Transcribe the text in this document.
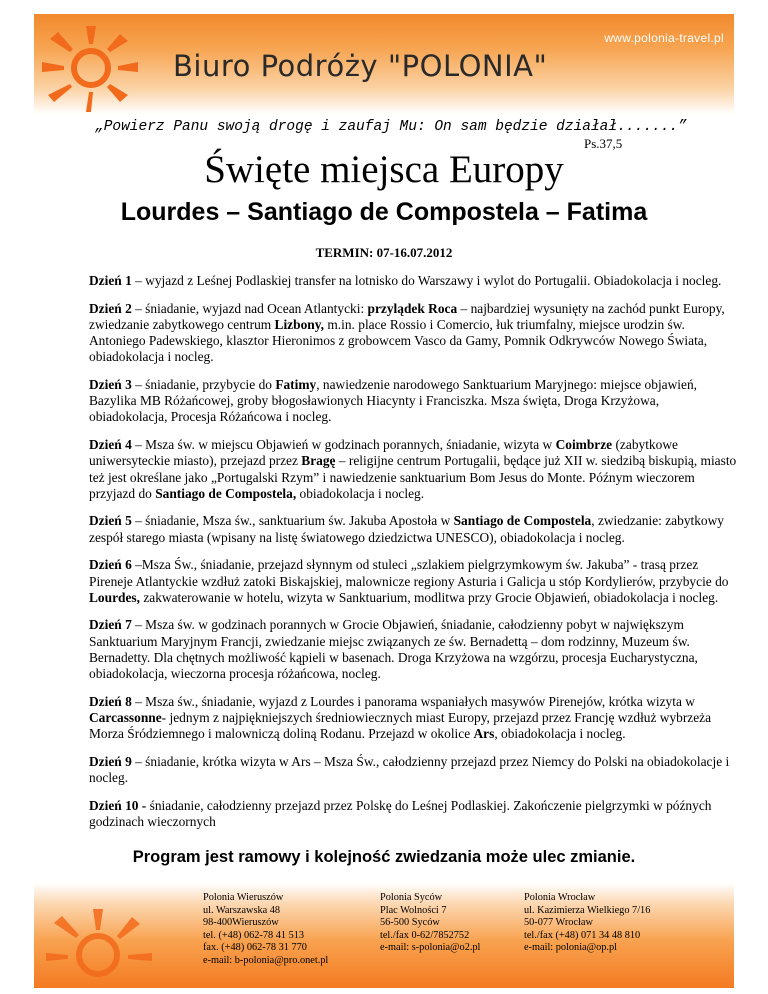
www.polonia-travel.pl
Biuro Podróży "POLONIA"
„Powierz Panu swoją drogę i zaufaj Mu: On sam będzie działał.......”
Ps.37,5
Święte miejsca Europy
Lourdes – Santiago de Compostela – Fatima
TERMIN: 07-16.07.2012
Dzień 1 – wyjazd z Leśnej Podlaskiej transfer na lotnisko do Warszawy i wylot do Portugalii. Obiadokolacja i nocleg.
Dzień 2 – śniadanie, wyjazd nad Ocean Atlantycki: przylądek Roca – najbardziej wysunięty na zachód punkt Europy, zwiedzanie zabytkowego centrum Lizbony, m.in. place Rossio i Comercio, łuk triumfalny, miejsce urodzin św. Antoniego Padewskiego, klasztor Hieronimos z grobowcem Vasco da Gamy, Pomnik Odkrywców Nowego Świata, obiadokolacja i nocleg.
Dzień 3 – śniadanie, przybycie do Fatimy, nawiedzenie narodowego Sanktuarium Maryjnego: miejsce objawień, Bazylika MB Różańcowej, groby błogosławionych Hiacynty i Franciszka. Msza święta, Droga Krzyżowa, obiadokolacja, Procesja Różańcowa i nocleg.
Dzień 4 – Msza św. w miejscu Objawień w godzinach porannych, śniadanie, wizyta w Coimbrze (zabytkowe uniwersyteckie miasto), przejazd przez Bragę – religijne centrum Portugalii, będące już XII w. siedzibą biskupią, miasto też jest określane jako „Portugalski Rzym” i nawiedzenie sanktuarium Bom Jesus do Monte. Późnym wieczorem przyjazd do Santiago de Compostela, obiadokolacja i nocleg.
Dzień 5 – śniadanie, Msza św., sanktuarium św. Jakuba Apostoła w Santiago de Compostela, zwiedzanie: zabytkowy zespół starego miasta (wpisany na listę światowego dziedzictwa UNESCO), obiadokolacja i nocleg.
Dzień 6 –Msza Św., śniadanie, przejazd słynnym od stuleci „szlakiem pielgrzymkowym św. Jakuba” - trasą przez Pireneje Atlantyckie wzdłuż zatoki Biskajskiej, malownicze regiony Asturia i Galicja u stóp Kordylierów, przybycie do Lourdes, zakwaterowanie w hotelu, wizyta w Sanktuarium, modlitwa przy Grocie Objawień, obiadokolacja i nocleg.
Dzień 7 – Msza św. w godzinach porannych w Grocie Objawień, śniadanie, całodzienny pobyt w największym Sanktuarium Maryjnym Francji, zwiedzanie miejsc związanych ze św. Bernadettą – dom rodzinny, Muzeum św. Bernadetty. Dla chętnych możliwość kąpieli w basenach. Droga Krzyżowa na wzgórzu, procesja Eucharystyczna, obiadokolacja, wieczorna procesja różańcowa, nocleg.
Dzień 8 – Msza św., śniadanie, wyjazd z Lourdes i panorama wspaniałych masywów Pirenejów, krótka wizyta w Carcassonne- jednym z najpiękniejszych średniowiecznych miast Europy, przejazd przez Francję wzdłuż wybrzeża Morza Śródziemnego i malowniczą doliną Rodanu. Przejazd w okolice Ars, obiadokolacja i nocleg.
Dzień 9 – śniadanie, krótka wizyta w Ars – Msza Św., całodzienny przejazd przez Niemcy do Polski na obiadokolacje i nocleg.
Dzień 10 - śniadanie, całodzienny przejazd przez Polskę do Leśnej Podlaskiej. Zakończenie pielgrzymki w późnych godzinach wieczornych
Program jest ramowy i kolejność zwiedzania może ulec zmianie.
Polonia Wieruszów
ul. Warszawska 48
98-400Wieruszów
tel. (+48) 062-78 41 513
fax. (+48) 062-78 31 770
e-mail: b-polonia@pro.onet.pl
Polonia Syców
Plac Wolności 7
56-500 Syców
tel./fax 0-62/7852752
e-mail: s-polonia@o2.pl
Polonia Wrocław
ul. Kazimierza Wielkiego 7/16
50-077 Wrocław
tel./fax (+48) 071 34 48 810
e-mail: polonia@op.pl
